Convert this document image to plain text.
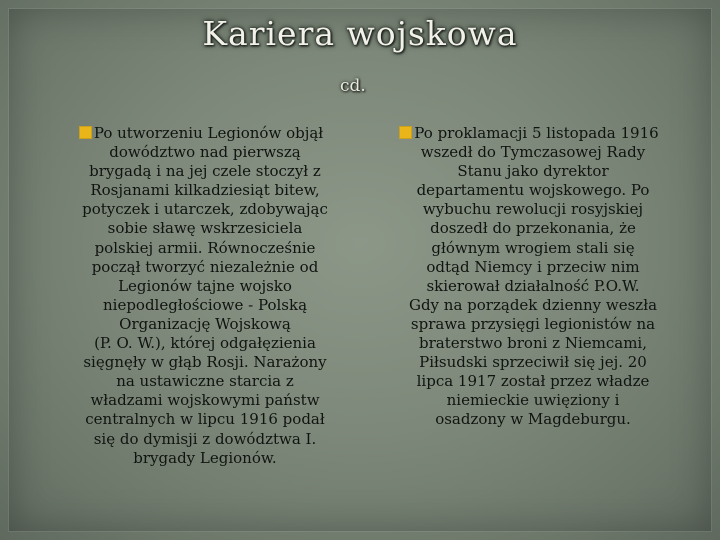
Kariera wojskowa
cd.
Po utworzeniu Legionów objął
dowództwo nad pierwszą
brygadą i na jej czele stoczył z
Rosjanami kilkadziesiąt bitew,
potyczek i utarczek, zdobywając
sobie sławę wskrzesiciela
polskiej armii. Równocześnie
począł tworzyć niezależnie od
Legionów tajne wojsko
niepodległościowe - Polską
Organizację Wojskową
(P. O. W.), której odgałęzienia
sięgnęły w głąb Rosji. Narażony
na ustawiczne starcia z
władzami wojskowymi państw
centralnych w lipcu 1916 podał
się do dymisji z dowództwa I.
brygady Legionów.
Po proklamacji 5 listopada 1916
wszedł do Tymczasowej Rady
Stanu jako dyrektor
departamentu wojskowego. Po
wybuchu rewolucji rosyjskiej
doszedł do przekonania, że
głównym wrogiem stali się
odtąd Niemcy i przeciw nim
skierował działalność P.O.W.
Gdy na porządek dzienny weszła
sprawa przysięgi legionistów na
braterstwo broni z Niemcami,
Piłsudski sprzeciwił się jej. 20
lipca 1917 został przez władze
niemieckie uwięziony i
osadzony w Magdeburgu.
